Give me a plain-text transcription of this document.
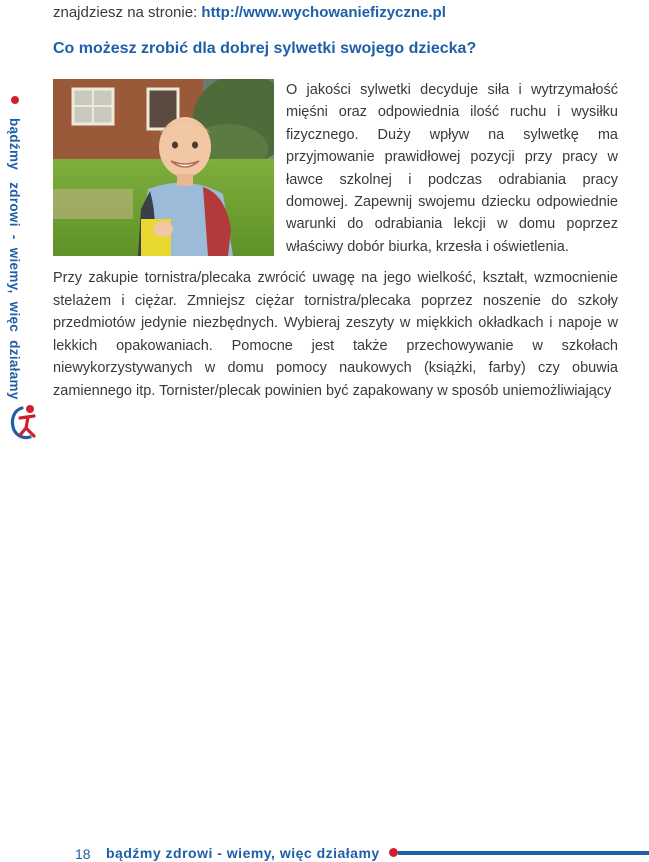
bądźmy   zdrowi - wiemy,  więc  działamy
znajdziesz na stronie: http://www.wychowaniefizyczne.pl
Co możesz zrobić dla dobrej sylwetki swojego dziecka?
O jakości sylwetki decyduje siła i wytrzymałość mięśni oraz odpowiednia ilość ruchu i wysiłku fizycznego. Duży wpływ na sylwetkę ma przyjmowanie prawidłowej pozycji przy pracy w ławce szkolnej i podczas odrabiania pracy domowej. Zapewnij swojemu dziecku odpowiednie warunki do odrabiania lekcji w domu poprzez właściwy dobór biurka, krzesła i oświetlenia.
Przy zakupie tornistra/plecaka zwrócić uwagę na jego wielkość, kształt, wzmocnienie stelażem i ciężar. Zmniejsz ciężar tornistra/plecaka poprzez noszenie do szkoły przedmiotów jedynie niezbędnych. Wybieraj zeszyty w miękkich okładkach i napoje w lekkich opakowaniach. Pomocne jest także przechowywanie w szkołach niewykorzystywanych w domu pomocy naukowych (książki, farby) czy obuwia zamiennego itp. Tornister/plecak powinien być zapakowany w sposób uniemożliwiający
18 bądźmy zdrowi - wiemy, więc działamy
